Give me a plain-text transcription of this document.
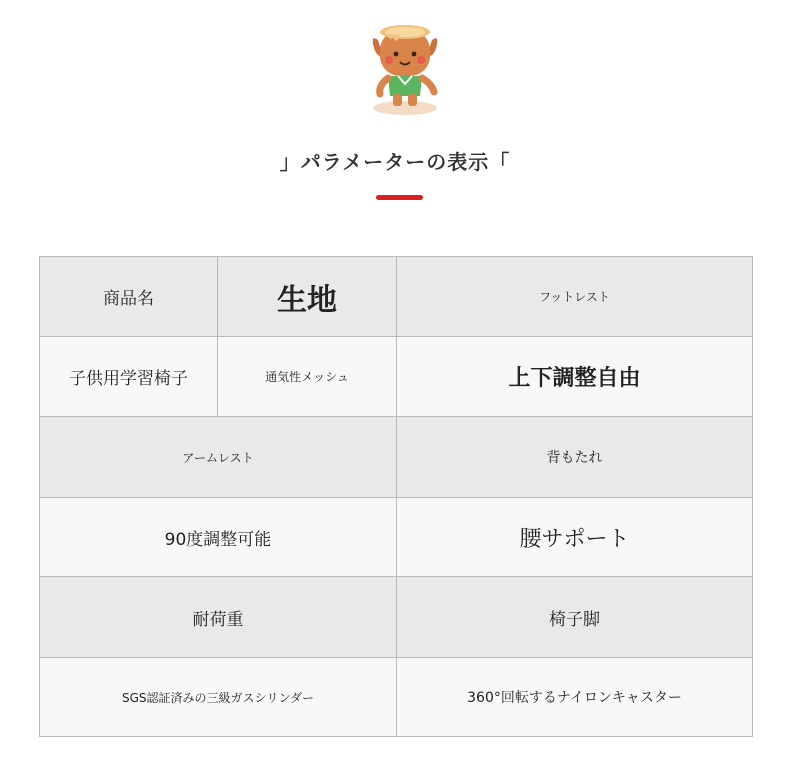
」パラメーターの表示「
商品名	生地	フットレスト
子供用学習椅子	通気性メッシュ	上下調整自由
アームレスト	背もたれ
90度調整可能	腰サポート
耐荷重	椅子脚
SGS認証済みの三級ガスシリンダー	360°回転するナイロンキャスター
